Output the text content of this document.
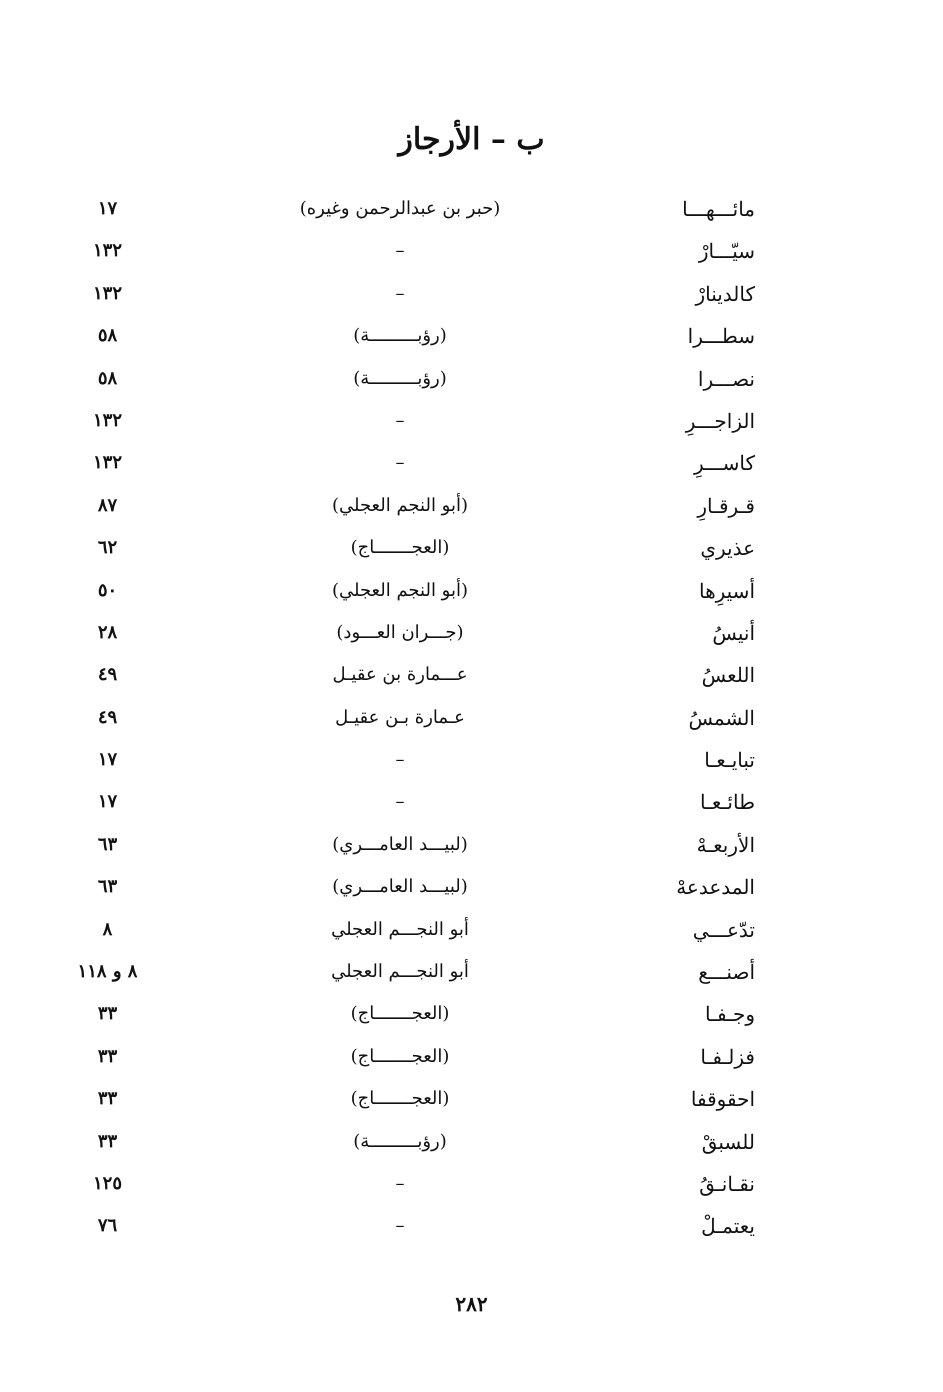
ب – الأرجاز
مائـــهـــا
(حبر بن عبدالرحمن وغيره)
١٧
سيّـــارْ
–
١٣٢
كالدينارْ
–
١٣٢
سطـــرا
(رؤبـــــــــة)
٥٨
نصـــرا
(رؤبـــــــــة)
٥٨
الزاجـــرِ
–
١٣٢
كاســـرِ
–
١٣٢
قـرقـارِ
(أبو النجم العجلي)
٨٧
عذيري
(العجـــــــاج)
٦٢
أسيرِها
(أبو النجم العجلي)
٥٠
أنيسُ
(جـــران العـــود)
٢٨
اللعسُ
عـــمارة بن عقيـل
٤٩
الشمسُ
عـمارة بـن عقيـل
٤٩
تبايـعـا
–
١٧
طائـعـا
–
١٧
الأربعـهْ
(لبيـــد العامـــري)
٦٣
المدعدعهْ
(لبيـــد العامـــري)
٦٣
تدّعـــي
أبو النجـــم العجلي
٨
أصنـــع
أبو النجـــم العجلي
٨ و ١١٨
وجـفـا
(العجـــــــاج)
٣٣
فزلـفـا
(العجـــــــاج)
٣٣
احقوقفا
(العجـــــــاج)
٣٣
للسبقْ
(رؤبـــــــــة)
٣٣
نقـانـقُ
–
١٢٥
يعتمـلْ
–
٧٦
٢٨٢
